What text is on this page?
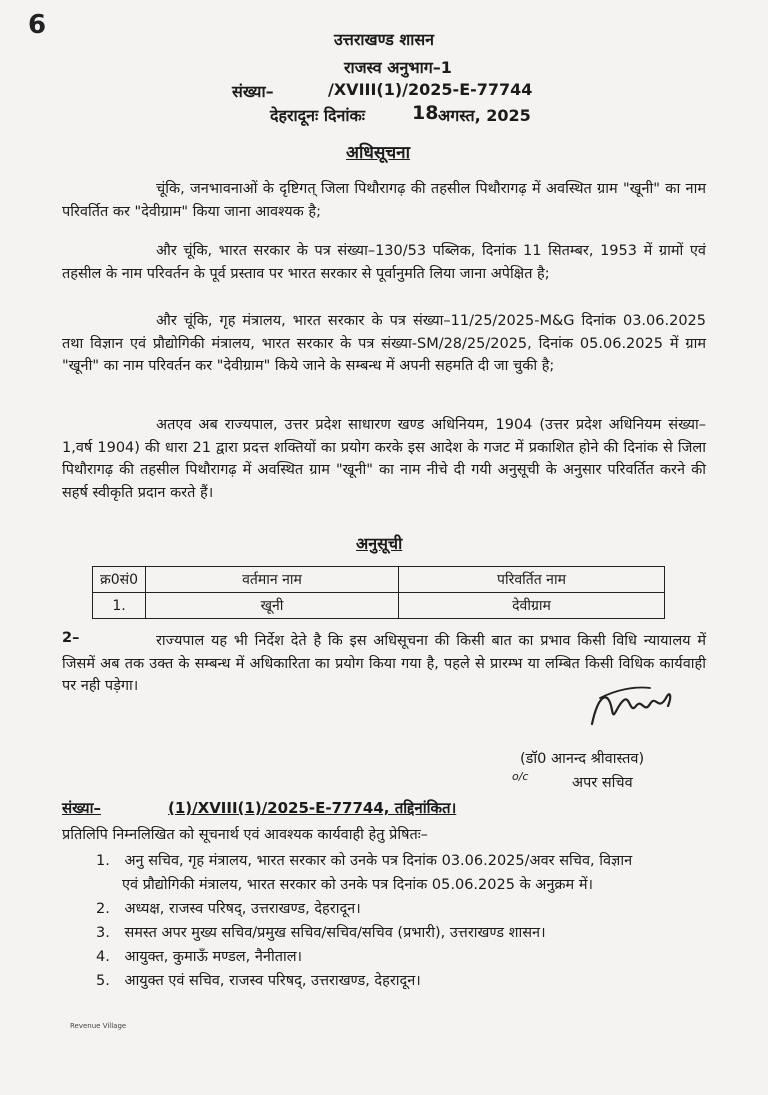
6	उत्तराखण्ड शासन
राजस्व अनुभाग–1
संख्या–	/XVIII(1)/2025-E-77744
देहरादूनः दिनांकः 18 अगस्त, 2025
अधिसूचना
चूंकि, जनभावनाओं के दृष्टिगत् जिला पिथौरागढ़ की तहसील पिथौरागढ़ में अवस्थित ग्राम "खूनी" का नाम परिवर्तित कर "देवीग्राम" किया जाना आवश्यक है;
और चूंकि, भारत सरकार के पत्र संख्या–130/53 पब्लिक, दिनांक 11 सितम्बर, 1953 में ग्रामों एवं तहसील के नाम परिवर्तन के पूर्व प्रस्ताव पर भारत सरकार से पूर्वानुमति लिया जाना अपेक्षित है;
और चूंकि, गृह मंत्रालय, भारत सरकार के पत्र संख्या–11/25/2025-M&G दिनांक 03.06.2025 तथा विज्ञान एवं प्रौद्योगिकी मंत्रालय, भारत सरकार के पत्र संख्या-SM/28/25/2025, दिनांक 05.06.2025 में ग्राम "खूनी" का नाम परिवर्तन कर "देवीग्राम" किये जाने के सम्बन्ध में अपनी सहमति दी जा चुकी है;
अतएव अब राज्यपाल, उत्तर प्रदेश साधारण खण्ड अधिनियम, 1904 (उत्तर प्रदेश अधिनियम संख्या–1,वर्ष 1904) की धारा 21 द्वारा प्रदत्त शक्तियों का प्रयोग करके इस आदेश के गजट में प्रकाशित होने की दिनांक से जिला पिथौरागढ़ की तहसील पिथौरागढ़ में अवस्थित ग्राम "खूनी" का नाम नीचे दी गयी अनुसूची के अनुसार परिवर्तित करने की सहर्ष स्वीकृति प्रदान करते हैं।
अनुसूची
क्र0सं0	वर्तमान नाम	परिवर्तित नाम
1.	खूनी	देवीग्राम
2–	राज्यपाल यह भी निर्देश देते है कि इस अधिसूचना की किसी बात का प्रभाव किसी विधि न्यायालय में जिसमें अब तक उक्त के सम्बन्ध में अधिकारिता का प्रयोग किया गया है, पहले से प्रारम्भ या लम्बित किसी विधिक कार्यवाही पर नही पड़ेगा।
(डॉ0 आनन्द श्रीवास्तव)
o/c	अपर सचिव
संख्या–	(1)/XVIII(1)/2025-E-77744, तद्दिनांकित।
प्रतिलिपि निम्नलिखित को सूचनार्थ एवं आवश्यक कार्यवाही हेतु प्रेषितः–
1. अनु सचिव, गृह मंत्रालय, भारत सरकार को उनके पत्र दिनांक 03.06.2025/अवर सचिव, विज्ञान
एवं प्रौद्योगिकी मंत्रालय, भारत सरकार को उनके पत्र दिनांक 05.06.2025 के अनुक्रम में।
2. अध्यक्ष, राजस्व परिषद्, उत्तराखण्ड, देहरादून।
3. समस्त अपर मुख्य सचिव/प्रमुख सचिव/सचिव/सचिव (प्रभारी), उत्तराखण्ड शासन।
4. आयुक्त, कुमाऊँ मण्डल, नैनीताल।
5. आयुक्त एवं सचिव, राजस्व परिषद्, उत्तराखण्ड, देहरादून।
Revenue Village
